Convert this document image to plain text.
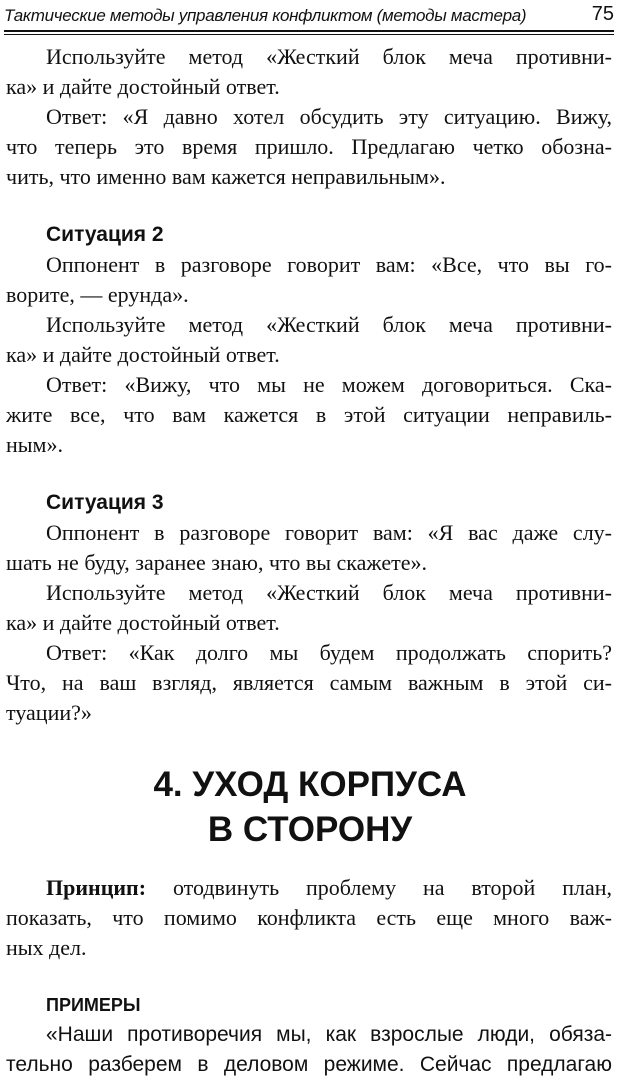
Тактические методы управления конфликтом (методы мастера)	75
Используйте метод «Жесткий блок меча противни-
ка» и дайте достойный ответ.
Ответ: «Я давно хотел обсудить эту ситуацию. Вижу,
что теперь это время пришло. Предлагаю четко обозна-
чить, что именно вам кажется неправильным».
Ситуация 2
Оппонент в разговоре говорит вам: «Все, что вы го-
ворите, — ерунда».
Используйте метод «Жесткий блок меча противни-
ка» и дайте достойный ответ.
Ответ: «Вижу, что мы не можем договориться. Ска-
жите все, что вам кажется в этой ситуации неправиль-
ным».
Ситуация 3
Оппонент в разговоре говорит вам: «Я вас даже слу-
шать не буду, заранее знаю, что вы скажете».
Используйте метод «Жесткий блок меча противни-
ка» и дайте достойный ответ.
Ответ: «Как долго мы будем продолжать спорить?
Что, на ваш взгляд, является самым важным в этой си-
туации?»
4. УХОД КОРПУСА
В СТОРОНУ
Принцип: отодвинуть проблему на второй план,
показать, что помимо конфликта есть еще много важ-
ных дел.
ПРИМЕРЫ
«Наши противоречия мы, как взрослые люди, обяза-
тельно разберем в деловом режиме. Сейчас предлагаю
